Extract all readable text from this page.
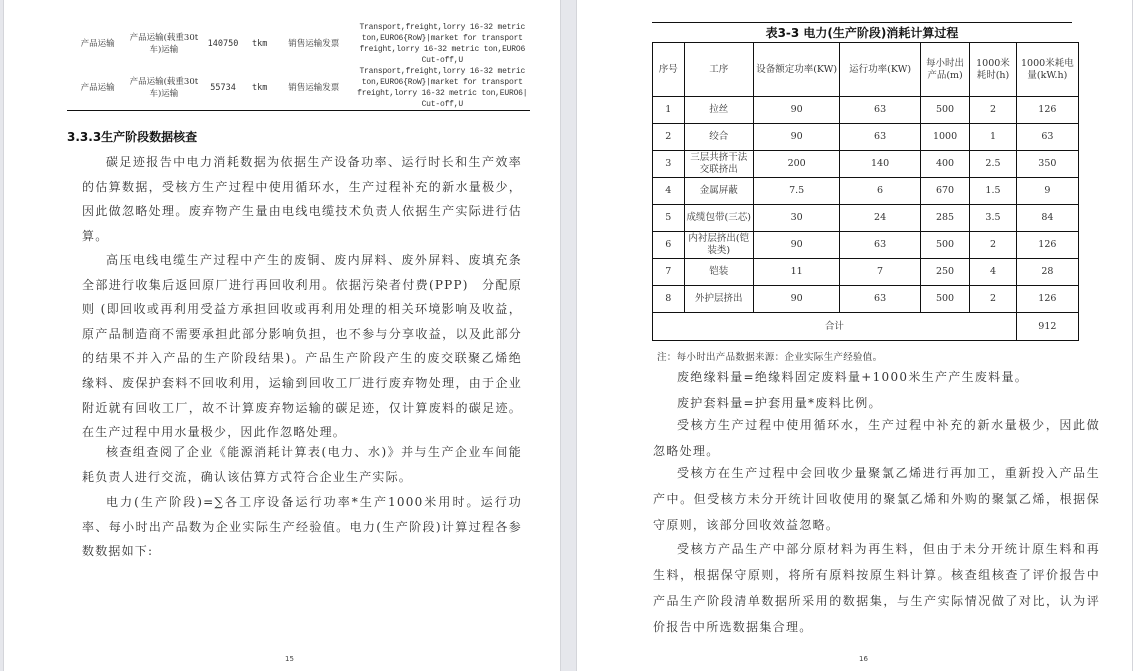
产品运输	产品运输(载重30t车)运输	140750	tkm	销售运输发票	Transport,freight,lorry 16-32 metric ton,EURO6{RoW}|market for transport freight,lorry 16-32 metric ton,EURO6 Cut-off,U
产品运输	产品运输(载重30t车)运输	55734	tkm	销售运输发票	Transport,freight,lorry 16-32 metric ton,EURO6{RoW}|market for transport freight,lorry 16-32 metric ton,EURO6| Cut-off,U
3.3.3生产阶段数据核查

碳足迹报告中电力消耗数据为依据生产设备功率、运行时长和生产效率的估算数据，受核方生产过程中使用循环水，生产过程补充的新水量极少，因此做忽略处理。废弃物产生量由电线电缆技术负责人依据生产实际进行估算。

高压电线电缆生产过程中产生的废铜、废内屏料、废外屏料、废填充条全部进行收集后返回原厂进行再回收利用。依据污染者付费(PPP)　分配原则 (即回收或再利用受益方承担回收或再利用处理的相关环境影响及收益，原产品制造商不需要承担此部分影响负担，也不参与分享收益，以及此部分的结果不并入产品的生产阶段结果)。产品生产阶段产生的废交联聚乙烯绝缘料、废保护套料不回收利用，运输到回收工厂进行废弃物处理，由于企业附近就有回收工厂，故不计算废弃物运输的碳足迹，仅计算废料的碳足迹。在生产过程中用水量极少，因此作忽略处理。

核查组查阅了企业《能源消耗计算表(电力、水)》并与生产企业车间能耗负责人进行交流，确认该估算方式符合企业生产实际。

电力(生产阶段)=∑各工序设备运行功率*生产1000米用时。运行功率、每小时出产品数为企业实际生产经验值。电力(生产阶段)计算过程各参数数据如下:

15
表3-3 电力(生产阶段)消耗计算过程
序号	工序	设备额定功率(KW)	运行功率(KW)	每小时出产品(m)	1000米耗时(h)	1000米耗电量(kW.h)
1	拉丝	90	63	500	2	126
2	绞合	90	63	1000	1	63
3	三层共挤干法交联挤出	200	140	400	2.5	350
4	金属屏蔽	7.5	6	670	1.5	9
5	成缆包带(三芯)	30	24	285	3.5	84
6	内衬层挤出(铠装类)	90	63	500	2	126
7	铠装	11	7	250	4	28
8	外护层挤出	90	63	500	2	126
合计						912
注：每小时出产品数据来源：企业实际生产经验值。

废绝缘料量=绝缘料固定废料量+1000米生产产生废料量。

废护套料量=护套用量*废料比例。

受核方生产过程中使用循环水，生产过程中补充的新水量极少，因此做忽略处理。

受核方在生产过程中会回收少量聚氯乙烯进行再加工，重新投入产品生产中。但受核方未分开统计回收使用的聚氯乙烯和外购的聚氯乙烯，根据保守原则，该部分回收效益忽略。

受核方产品生产中部分原材料为再生料，但由于未分开统计原生料和再生料，根据保守原则，将所有原料按原生料计算。核查组核查了评价报告中产品生产阶段清单数据所采用的数据集，与生产实际情况做了对比，认为评价报告中所选数据集合理。

16
